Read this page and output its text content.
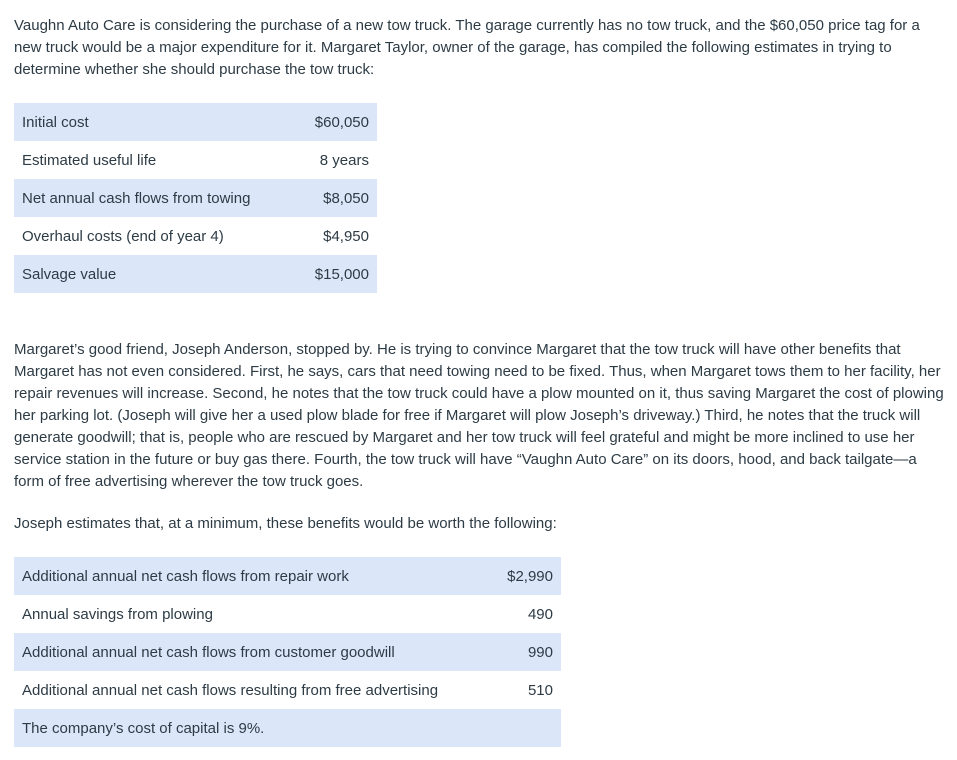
Vaughn Auto Care is considering the purchase of a new tow truck. The garage currently has no tow truck, and the $60,050 price tag for a new truck would be a major expenditure for it. Margaret Taylor, owner of the garage, has compiled the following estimates in trying to determine whether she should purchase the tow truck:

Initial cost	$60,050
Estimated useful life	8 years
Net annual cash flows from towing	$8,050
Overhaul costs (end of year 4)	$4,950
Salvage value	$15,000

Margaret’s good friend, Joseph Anderson, stopped by. He is trying to convince Margaret that the tow truck will have other benefits that Margaret has not even considered. First, he says, cars that need towing need to be fixed. Thus, when Margaret tows them to her facility, her repair revenues will increase. Second, he notes that the tow truck could have a plow mounted on it, thus saving Margaret the cost of plowing her parking lot. (Joseph will give her a used plow blade for free if Margaret will plow Joseph’s driveway.) Third, he notes that the truck will generate goodwill; that is, people who are rescued by Margaret and her tow truck will feel grateful and might be more inclined to use her service station in the future or buy gas there. Fourth, the tow truck will have “Vaughn Auto Care” on its doors, hood, and back tailgate—a form of free advertising wherever the tow truck goes.

Joseph estimates that, at a minimum, these benefits would be worth the following:

Additional annual net cash flows from repair work	$2,990
Annual savings from plowing	490
Additional annual net cash flows from customer goodwill	990
Additional annual net cash flows resulting from free advertising	510
The company’s cost of capital is 9%.	
